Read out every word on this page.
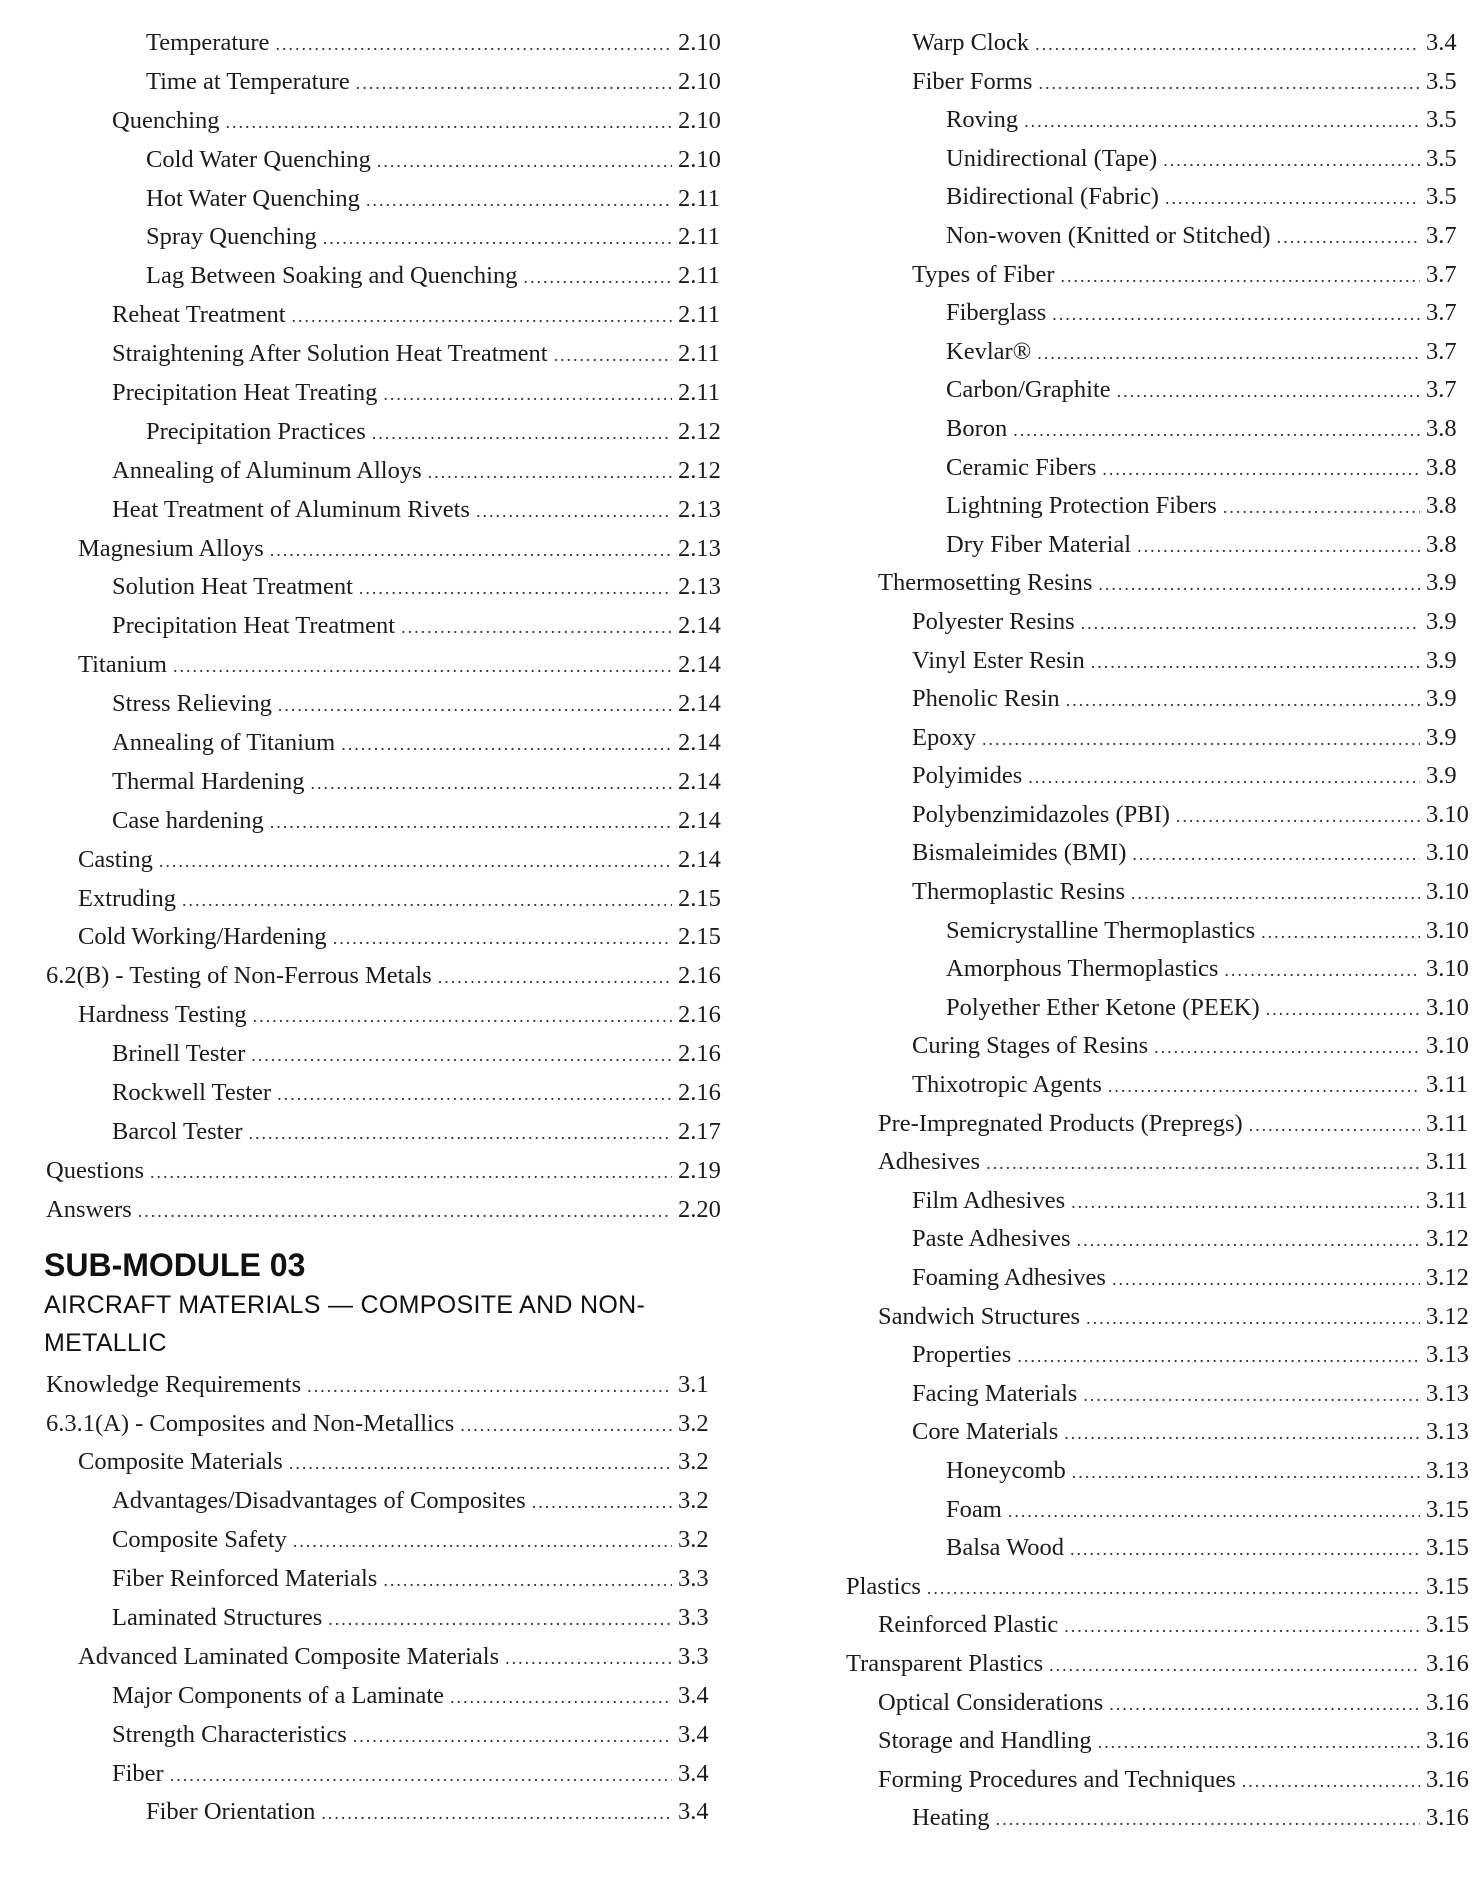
Temperature .....	2.10
Time at Temperature .....	2.10
Quenching .....	2.10
Cold Water Quenching .....	2.10
Hot Water Quenching .....	2.11
Spray Quenching .....	2.11
Lag Between Soaking and Quenching .....	2.11
Reheat Treatment .....	2.11
Straightening After Solution Heat Treatment .....	2.11
Precipitation Heat Treating .....	2.11
Precipitation Practices .....	2.12
Annealing of Aluminum Alloys .....	2.12
Heat Treatment of Aluminum Rivets .....	2.13
Magnesium Alloys .....	2.13
Solution Heat Treatment .....	2.13
Precipitation Heat Treatment .....	2.14
Titanium .....	2.14
Stress Relieving .....	2.14
Annealing of Titanium .....	2.14
Thermal Hardening .....	2.14
Case hardening .....	2.14
Casting .....	2.14
Extruding .....	2.15
Cold Working/Hardening .....	2.15
6.2(B) - Testing of Non-Ferrous Metals .....	2.16
Hardness Testing .....	2.16
Brinell Tester .....	2.16
Rockwell Tester .....	2.16
Barcol Tester .....	2.17
Questions .....	2.19
Answers .....	2.20
SUB-MODULE 03
AIRCRAFT MATERIALS — COMPOSITE AND NON-METALLIC
Knowledge Requirements .....	3.1
6.3.1(A) - Composites and Non-Metallics .....	3.2
Composite Materials .....	3.2
Advantages/Disadvantages of Composites .....	3.2
Composite Safety .....	3.2
Fiber Reinforced Materials .....	3.3
Laminated Structures .....	3.3
Advanced Laminated Composite Materials .....	3.3
Major Components of a Laminate .....	3.4
Strength Characteristics .....	3.4
Fiber .....	3.4
Fiber Orientation .....	3.4
Warp Clock .....	3.4
Fiber Forms .....	3.5
Roving .....	3.5
Unidirectional (Tape) .....	3.5
Bidirectional (Fabric) .....	3.5
Non-woven (Knitted or Stitched) .....	3.7
Types of Fiber .....	3.7
Fiberglass .....	3.7
Kevlar® .....	3.7
Carbon/Graphite .....	3.7
Boron .....	3.8
Ceramic Fibers .....	3.8
Lightning Protection Fibers .....	3.8
Dry Fiber Material .....	3.8
Thermosetting Resins .....	3.9
Polyester Resins .....	3.9
Vinyl Ester Resin .....	3.9
Phenolic Resin .....	3.9
Epoxy .....	3.9
Polyimides .....	3.9
Polybenzimidazoles (PBI) .....	3.10
Bismaleimides (BMI) .....	3.10
Thermoplastic Resins .....	3.10
Semicrystalline Thermoplastics .....	3.10
Amorphous Thermoplastics .....	3.10
Polyether Ether Ketone (PEEK) .....	3.10
Curing Stages of Resins .....	3.10
Thixotropic Agents .....	3.11
Pre-Impregnated Products (Prepregs) .....	3.11
Adhesives .....	3.11
Film Adhesives .....	3.11
Paste Adhesives .....	3.12
Foaming Adhesives .....	3.12
Sandwich Structures .....	3.12
Properties .....	3.13
Facing Materials .....	3.13
Core Materials .....	3.13
Honeycomb .....	3.13
Foam .....	3.15
Balsa Wood .....	3.15
Plastics .....	3.15
Reinforced Plastic .....	3.15
Transparent Plastics .....	3.16
Optical Considerations .....	3.16
Storage and Handling .....	3.16
Forming Procedures and Techniques .....	3.16
Heating .....	3.16
